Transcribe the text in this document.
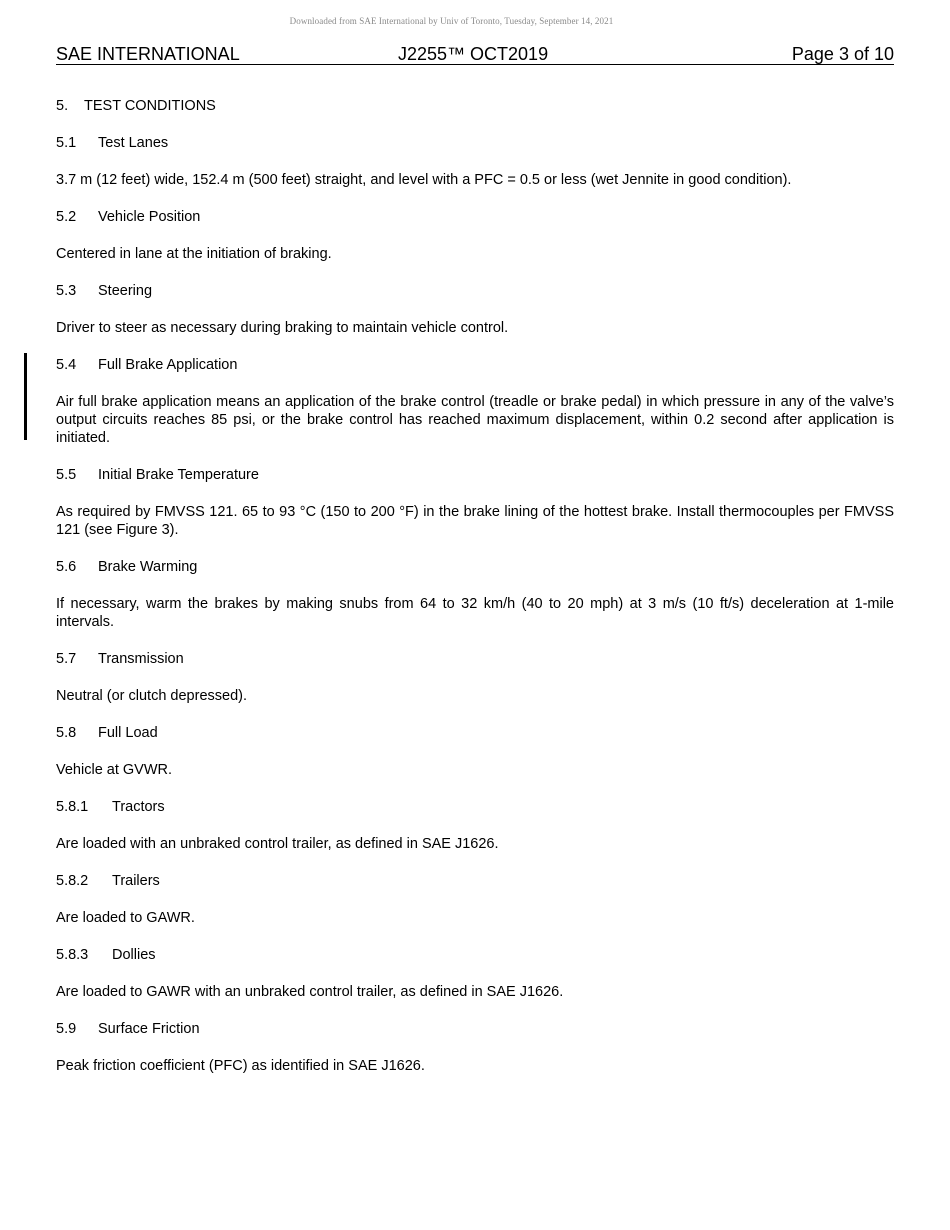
Downloaded from SAE International by Univ of Toronto, Tuesday, September 14, 2021
SAE INTERNATIONAL	J2255™ OCT2019	Page 3 of 10
5. TEST CONDITIONS
5.1 Test Lanes
3.7 m (12 feet) wide, 152.4 m (500 feet) straight, and level with a PFC = 0.5 or less (wet Jennite in good condition).
5.2 Vehicle Position
Centered in lane at the initiation of braking.
5.3 Steering
Driver to steer as necessary during braking to maintain vehicle control.
5.4 Full Brake Application
Air full brake application means an application of the brake control (treadle or brake pedal) in which pressure in any of the valve’s output circuits reaches 85 psi, or the brake control has reached maximum displacement, within 0.2 second after application is initiated.
5.5 Initial Brake Temperature
As required by FMVSS 121. 65 to 93 °C (150 to 200 °F) in the brake lining of the hottest brake. Install thermocouples per FMVSS 121 (see Figure 3).
5.6 Brake Warming
If necessary, warm the brakes by making snubs from 64 to 32 km/h (40 to 20 mph) at 3 m/s (10 ft/s) deceleration at 1-mile intervals.
5.7 Transmission
Neutral (or clutch depressed).
5.8 Full Load
Vehicle at GVWR.
5.8.1 Tractors
Are loaded with an unbraked control trailer, as defined in SAE J1626.
5.8.2 Trailers
Are loaded to GAWR.
5.8.3 Dollies
Are loaded to GAWR with an unbraked control trailer, as defined in SAE J1626.
5.9 Surface Friction
Peak friction coefficient (PFC) as identified in SAE J1626.
